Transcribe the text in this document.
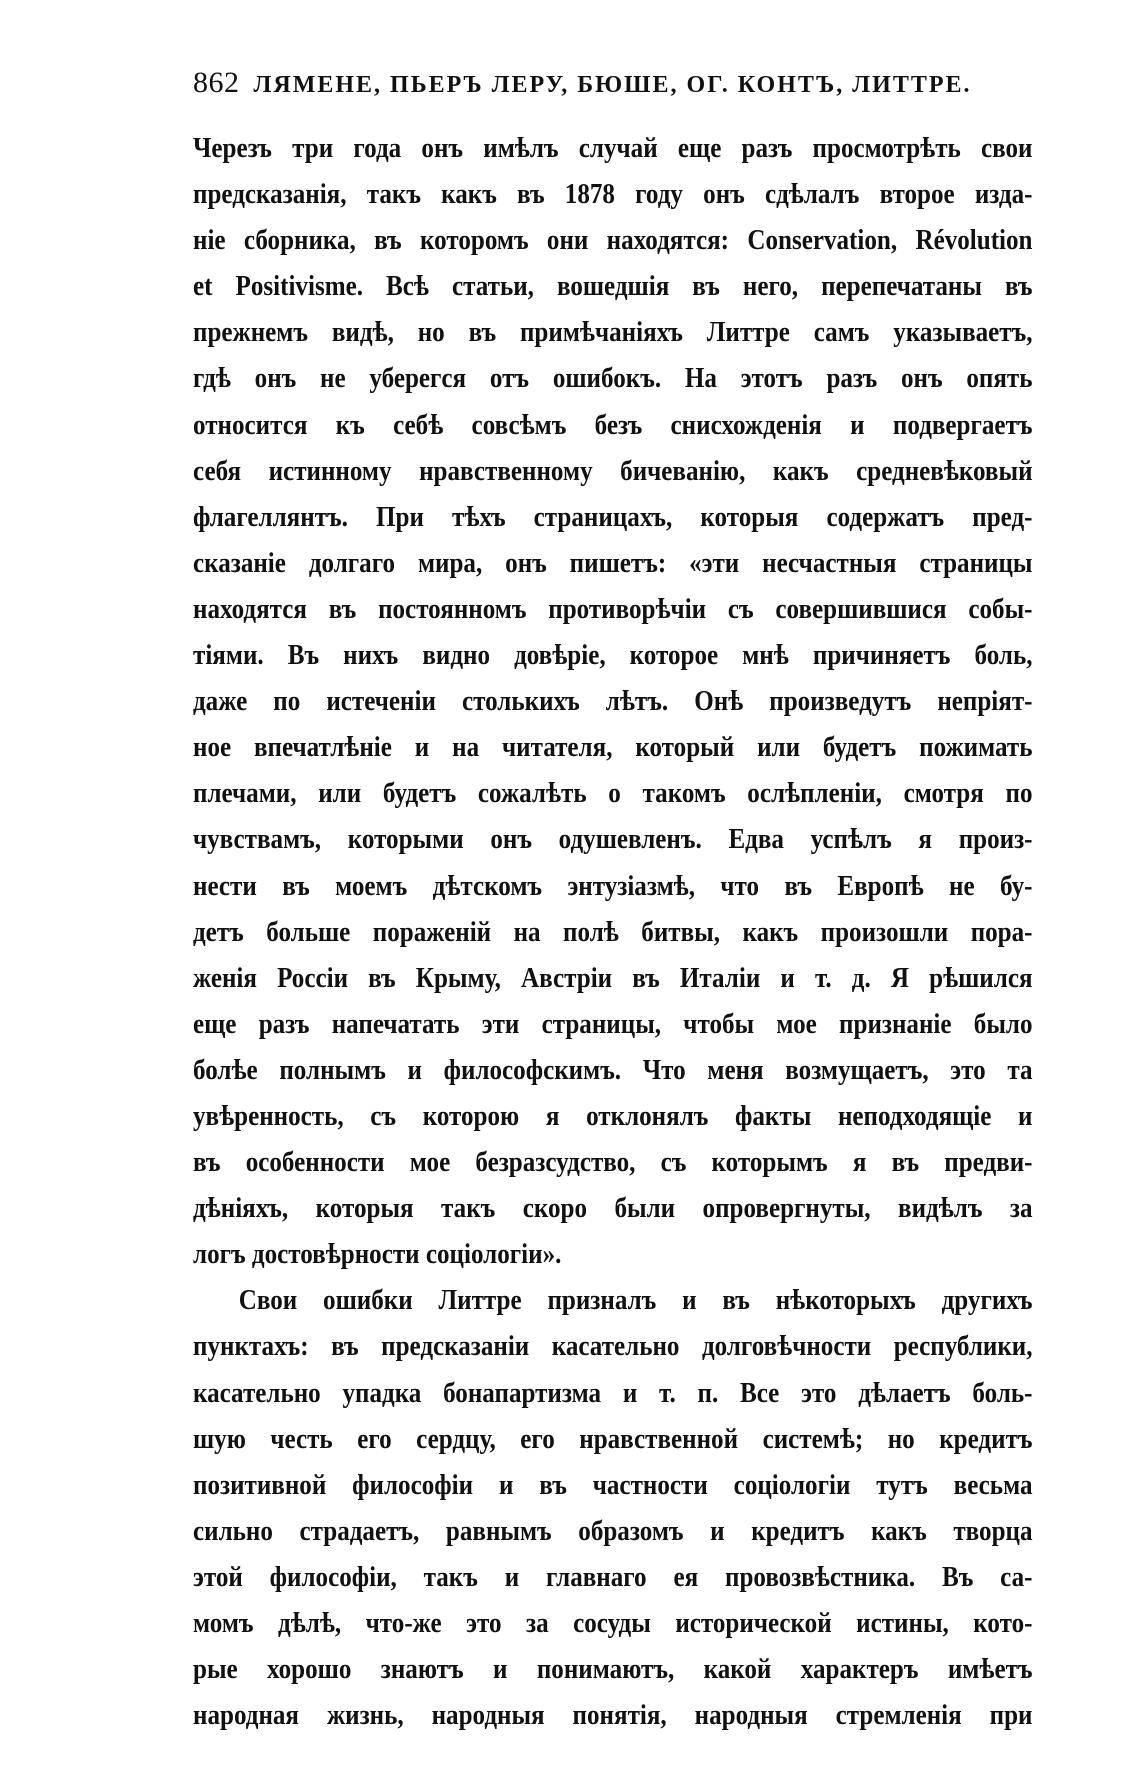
862 ЛЯМЕНЕ, ПЬЕРЪ ЛЕРУ, БЮШЕ, ОГ. КОНТЪ, ЛИТТРЕ.
Черезъ три года онъ имѣлъ случай еще разъ просмотрѣть свои
предсказанія, такъ какъ въ 1878 году онъ сдѣлалъ второе изда-
ніе сборника, въ которомъ они находятся: Conservation, Révolution
et Positivisme. Всѣ статьи, вошедшія въ него, перепечатаны въ
прежнемъ видѣ, но въ примѣчаніяхъ Литтре самъ указываетъ,
гдѣ онъ не уберегся отъ ошибокъ. На этотъ разъ онъ опять
относится къ себѣ совсѣмъ безъ снисхожденія и подвергаетъ
себя истинному нравственному бичеванію, какъ средневѣковый
флагеллянтъ. При тѣхъ страницахъ, которыя содержатъ пред-
сказаніе долгаго мира, онъ пишетъ: «эти несчастныя страницы
находятся въ постоянномъ противорѣчіи съ совершившися собы-
тіями. Въ нихъ видно довѣріе, которое мнѣ причиняетъ боль,
даже по истеченіи столькихъ лѣтъ. Онѣ произведутъ непріят-
ное впечатлѣніе и на читателя, который или будетъ пожимать
плечами, или будетъ сожалѣть о такомъ ослѣпленіи, смотря по
чувствамъ, которыми онъ одушевленъ. Едва успѣлъ я произ-
нести въ моемъ дѣтскомъ энтузіазмѣ, что въ Европѣ не бу-
детъ больше пораженій на полѣ битвы, какъ произошли пора-
женія Россіи въ Крыму, Австріи въ Италіи и т. д. Я рѣшился
еще разъ напечатать эти страницы, чтобы мое признаніе было
болѣе полнымъ и философскимъ. Что меня возмущаетъ, это та
увѣренность, съ которою я отклонялъ факты неподходящіе и
въ особенности мое безразсудство, съ которымъ я въ предви-
дѣніяхъ, которыя такъ скоро были опровергнуты, видѣлъ за
логъ достовѣрности соціологіи».
Свои ошибки Литтре призналъ и въ нѣкоторыхъ другихъ
пунктахъ: въ предсказаніи касательно долговѣчности республики,
касательно упадка бонапартизма и т. п. Все это дѣлаетъ боль-
шую честь его сердцу, его нравственной системѣ; но кредитъ
позитивной философіи и въ частности соціологіи тутъ весьма
сильно страдаетъ, равнымъ образомъ и кредитъ какъ творца
этой философіи, такъ и главнаго ея провозвѣстника. Въ са-
момъ дѣлѣ, что-же это за сосуды исторической истины, кото-
рые хорошо знаютъ и понимаютъ, какой характеръ имѣетъ
народная жизнь, народныя понятія, народныя стремленія при
